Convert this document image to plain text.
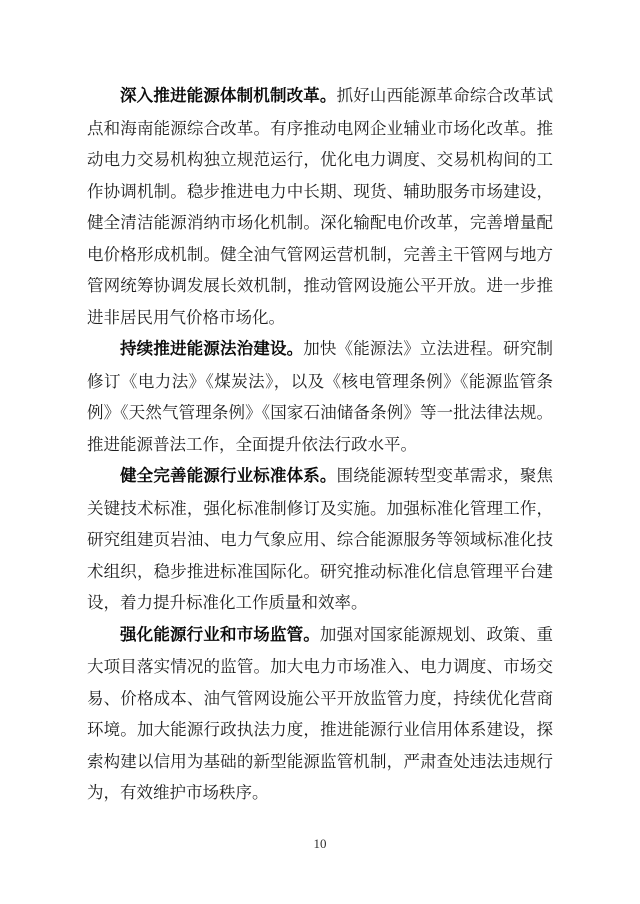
深入推进能源体制机制改革。抓好山西能源革命综合改革试点和海南能源综合改革。有序推动电网企业辅业市场化改革。推动电力交易机构独立规范运行，优化电力调度、交易机构间的工作协调机制。稳步推进电力中长期、现货、辅助服务市场建设，健全清洁能源消纳市场化机制。深化输配电价改革，完善增量配电价格形成机制。健全油气管网运营机制，完善主干管网与地方管网统筹协调发展长效机制，推动管网设施公平开放。进一步推进非居民用气价格市场化。

持续推进能源法治建设。加快《能源法》立法进程。研究制修订《电力法》《煤炭法》，以及《核电管理条例》《能源监管条例》《天然气管理条例》《国家石油储备条例》等一批法律法规。推进能源普法工作，全面提升依法行政水平。

健全完善能源行业标准体系。围绕能源转型变革需求，聚焦关键技术标准，强化标准制修订及实施。加强标准化管理工作，研究组建页岩油、电力气象应用、综合能源服务等领域标准化技术组织，稳步推进标准国际化。研究推动标准化信息管理平台建设，着力提升标准化工作质量和效率。

强化能源行业和市场监管。加强对国家能源规划、政策、重大项目落实情况的监管。加大电力市场准入、电力调度、市场交易、价格成本、油气管网设施公平开放监管力度，持续优化营商环境。加大能源行政执法力度，推进能源行业信用体系建设，探索构建以信用为基础的新型能源监管机制，严肃查处违法违规行为，有效维护市场秩序。

10
